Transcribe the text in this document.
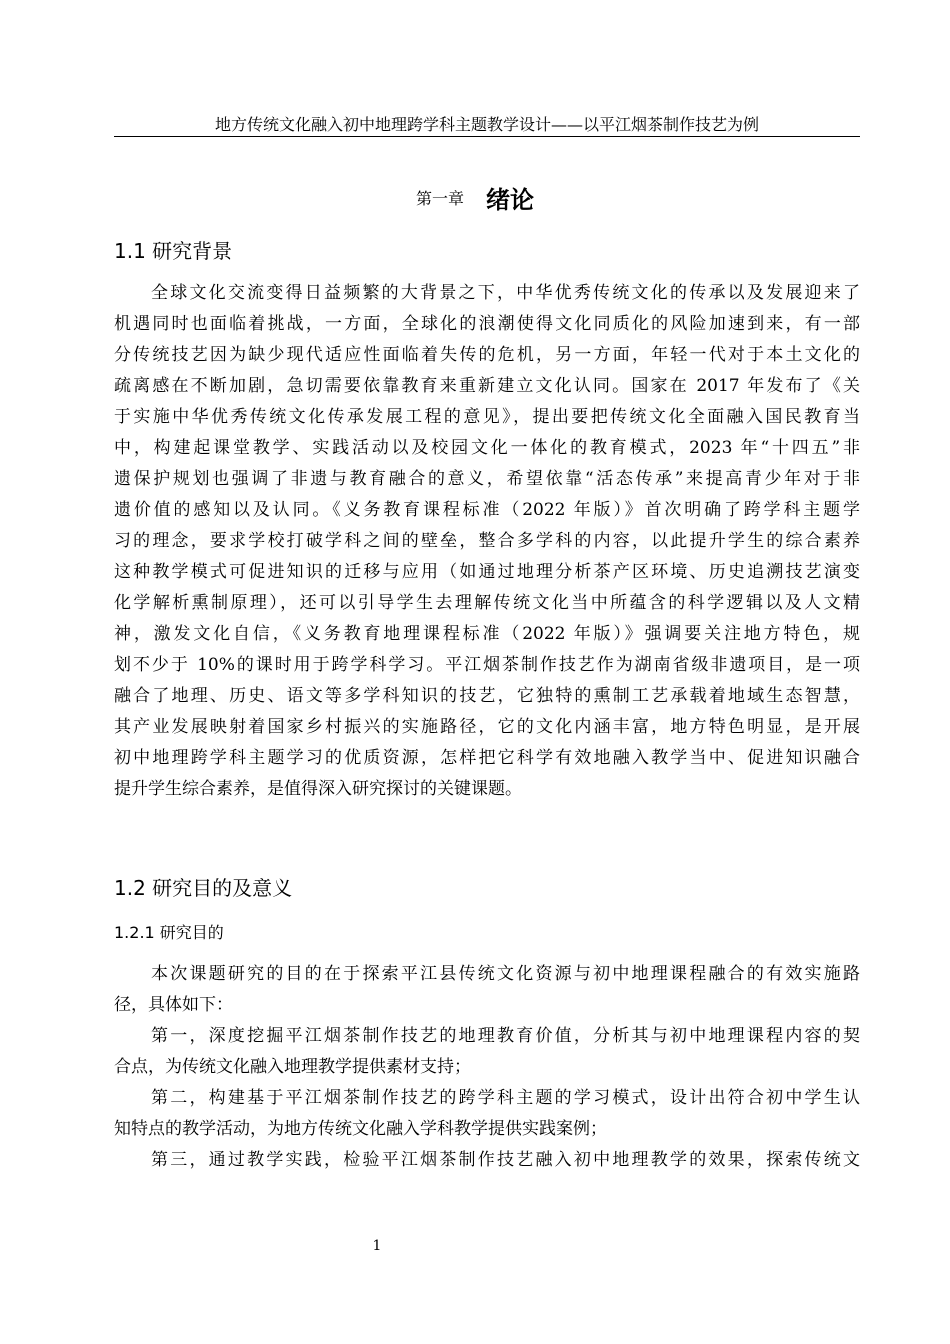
地方传统文化融入初中地理跨学科主题教学设计——以平江烟茶制作技艺为例
第一章 绪论
1.1 研究背景
全球文化交流变得日益频繁的大背景之下，中华优秀传统文化的传承以及发展迎来了
机遇同时也面临着挑战，一方面，全球化的浪潮使得文化同质化的风险加速到来，有一部
分传统技艺因为缺少现代适应性面临着失传的危机，另一方面，年轻一代对于本土文化的
疏离感在不断加剧，急切需要依靠教育来重新建立文化认同。国家在 2017 年发布了《关
于实施中华优秀传统文化传承发展工程的意见》，提出要把传统文化全面融入国民教育当
中，构建起课堂教学、实践活动以及校园文化一体化的教育模式，2023 年“十四五”非
遗保护规划也强调了非遗与教育融合的意义，希望依靠“活态传承”来提高青少年对于非
遗价值的感知以及认同。《义务教育课程标准（2022 年版）》首次明确了跨学科主题学
习的理念，要求学校打破学科之间的壁垒，整合多学科的内容，以此提升学生的综合素养
这种教学模式可促进知识的迁移与应用（如通过地理分析茶产区环境、历史追溯技艺演变
化学解析熏制原理），还可以引导学生去理解传统文化当中所蕴含的科学逻辑以及人文精
神，激发文化自信，《义务教育地理课程标准（2022 年版）》强调要关注地方特色，规
划不少于 10%的课时用于跨学科学习。平江烟茶制作技艺作为湖南省级非遗项目，是一项
融合了地理、历史、语文等多学科知识的技艺，它独特的熏制工艺承载着地域生态智慧，
其产业发展映射着国家乡村振兴的实施路径，它的文化内涵丰富，地方特色明显，是开展
初中地理跨学科主题学习的优质资源，怎样把它科学有效地融入教学当中、促进知识融合
提升学生综合素养，是值得深入研究探讨的关键课题。
1.2 研究目的及意义
1.2.1 研究目的
本次课题研究的目的在于探索平江县传统文化资源与初中地理课程融合的有效实施路
径，具体如下：
第一，深度挖掘平江烟茶制作技艺的地理教育价值，分析其与初中地理课程内容的契
合点，为传统文化融入地理教学提供素材支持；
第二，构建基于平江烟茶制作技艺的跨学科主题的学习模式，设计出符合初中学生认
知特点的教学活动，为地方传统文化融入学科教学提供实践案例；
第三，通过教学实践，检验平江烟茶制作技艺融入初中地理教学的效果，探索传统文
1
